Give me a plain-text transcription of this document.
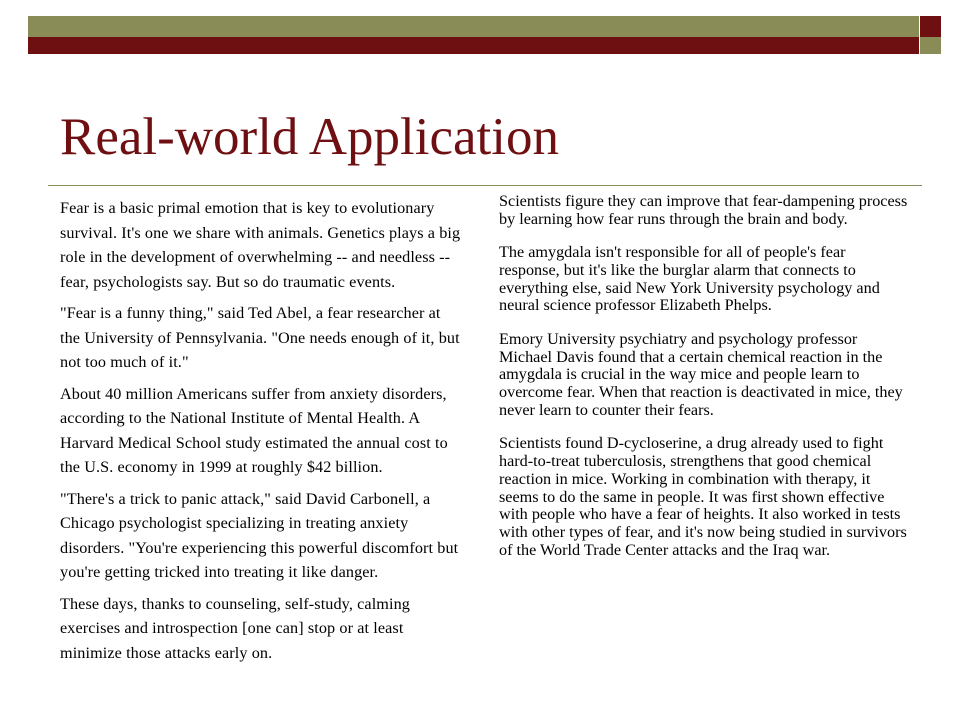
Real-world Application

Fear is a basic primal emotion that is key to evolutionary survival. It's one we share with animals. Genetics plays a big role in the development of overwhelming -- and needless -- fear, psychologists say. But so do traumatic events.

"Fear is a funny thing," said Ted Abel, a fear researcher at the University of Pennsylvania. "One needs enough of it, but not too much of it."

About 40 million Americans suffer from anxiety disorders, according to the National Institute of Mental Health. A Harvard Medical School study estimated the annual cost to the U.S. economy in 1999 at roughly $42 billion.

"There's a trick to panic attack," said David Carbonell, a Chicago psychologist specializing in treating anxiety disorders. "You're experiencing this powerful discomfort but you're getting tricked into treating it like danger.

These days, thanks to counseling, self-study, calming exercises and introspection [one can] stop or at least minimize those attacks early on.

Scientists figure they can improve that fear-dampening process by learning how fear runs through the brain and body.

The amygdala isn't responsible for all of people's fear response, but it's like the burglar alarm that connects to everything else, said New York University psychology and neural science professor Elizabeth Phelps.

Emory University psychiatry and psychology professor Michael Davis found that a certain chemical reaction in the amygdala is crucial in the way mice and people learn to overcome fear. When that reaction is deactivated in mice, they never learn to counter their fears.

Scientists found D-cycloserine, a drug already used to fight hard-to-treat tuberculosis, strengthens that good chemical reaction in mice. Working in combination with therapy, it seems to do the same in people. It was first shown effective with people who have a fear of heights. It also worked in tests with other types of fear, and it's now being studied in survivors of the World Trade Center attacks and the Iraq war.
